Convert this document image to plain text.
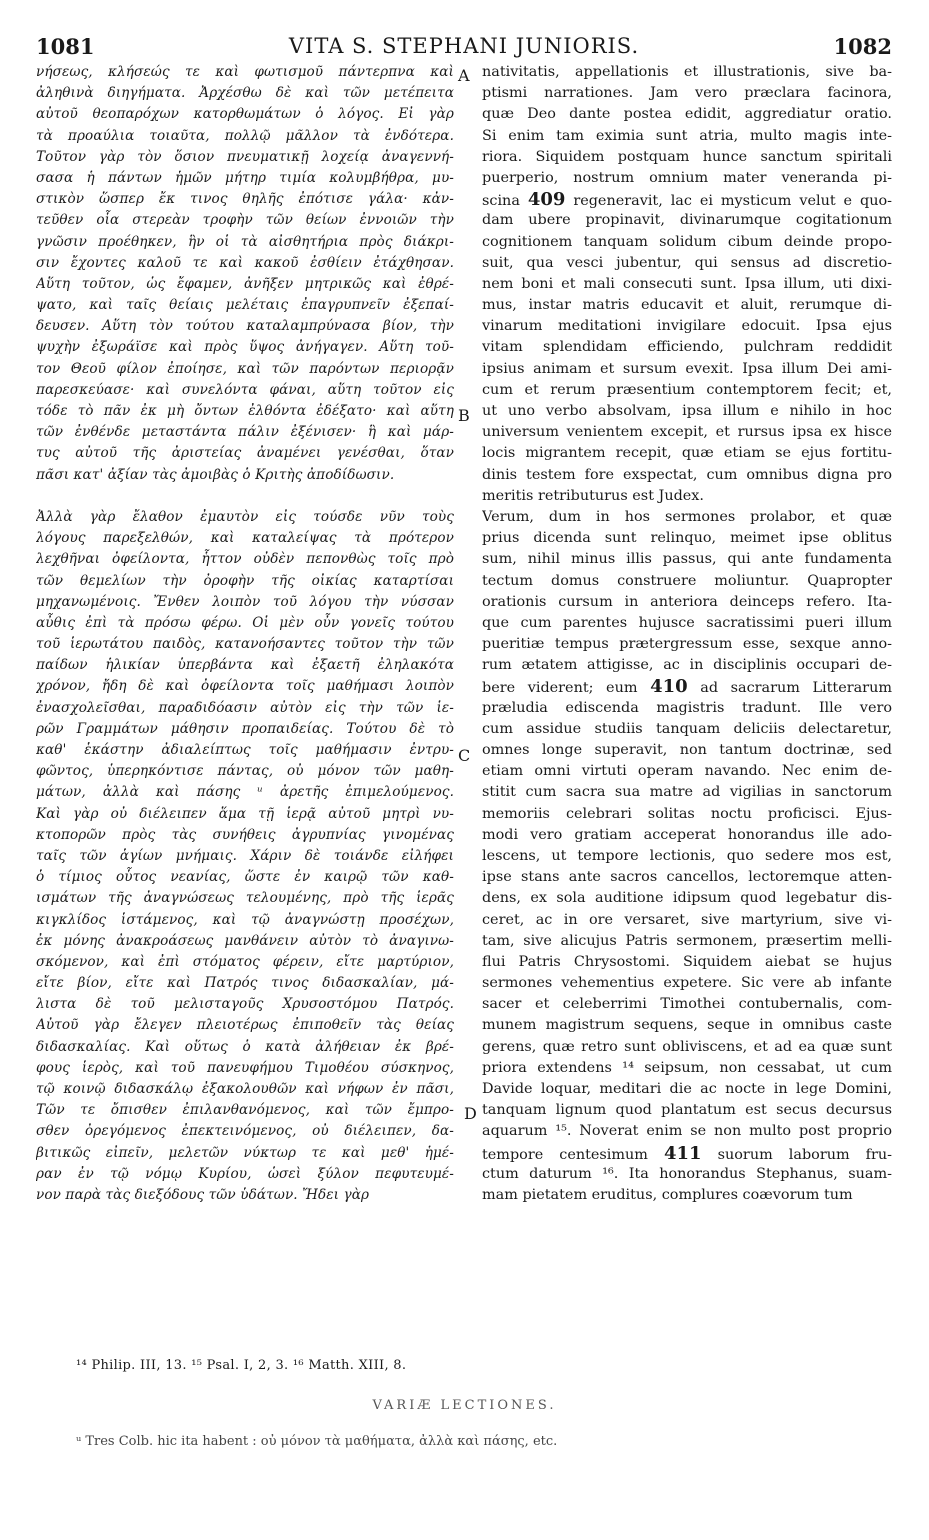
1081	VITA S. STEPHANI JUNIORIS.	1082
νήσεως, κλήσεώς τε καὶ φωτισμοῦ πάντερπνα καὶ
ἀληθινὰ διηγήματα. Ἀρχέσθω δὲ καὶ τῶν μετέπειτα
αὐτοῦ θεοπαρόχων κατορθωμάτων ὁ λόγος. Εἰ γὰρ
τὰ προαύλια τοιαῦτα, πολλῷ μᾶλλον τὰ ἐνδότερα.
Τοῦτον γὰρ τὸν ὅσιον πνευματικῇ λοχείᾳ ἀναγεννή-
σασα ἡ πάντων ἡμῶν μήτηρ τιμία κολυμβήθρα, μυ-
στικὸν ὥσπερ ἔκ τινος θηλῆς ἐπότισε γάλα· κἀν-
τεῦθεν οἷα στερεὰν τροφὴν τῶν θείων ἐννοιῶν τὴν
γνῶσιν προέθηκεν, ἣν οἱ τὰ αἰσθητήρια πρὸς διάκρι-
σιν ἔχοντες καλοῦ τε καὶ κακοῦ ἐσθίειν ἐτάχθησαν.
Αὕτη τοῦτον, ὡς ἔφαμεν, ἀνῆξεν μητρικῶς καὶ ἐθρέ-
ψατο, καὶ ταῖς θείαις μελέταις ἐπαγρυπνεῖν ἐξεπαί-
δευσεν. Αὕτη τὸν τούτου καταλαμπρύνασα βίον, τὴν
ψυχὴν ἐξωράϊσε καὶ πρὸς ὕψος ἀνήγαγεν. Αὕτη τοῦ-
τον Θεοῦ φίλον ἐποίησε, καὶ τῶν παρόντων περιορᾷν
παρεσκεύασε· καὶ συνελόντα φάναι, αὕτη τοῦτον εἰς
τόδε τὸ πᾶν ἐκ μὴ ὄντων ἐλθόντα ἐδέξατο· καὶ αὕτη
τῶν ἐνθένδε μεταστάντα πάλιν ἐξένισεν· ἣ καὶ μάρ-
τυς αὐτοῦ τῆς ἀριστείας ἀναμένει γενέσθαι, ὅταν
πᾶσι κατ' ἀξίαν τὰς ἀμοιβὰς ὁ Κριτὴς ἀποδίδωσιν.
Ἀλλὰ γὰρ ἔλαθον ἐμαυτὸν εἰς τούσδε νῦν τοὺς
λόγους παρεξελθών, καὶ καταλείψας τὰ πρότερον
λεχθῆναι ὀφείλοντα, ἧττον οὐδὲν πεπονθὼς τοῖς πρὸ
τῶν θεμελίων τὴν ὀροφὴν τῆς οἰκίας καταρτίσαι
μηχανωμένοις. Ἔνθεν λοιπὸν τοῦ λόγου τὴν νύσσαν
αὖθις ἐπὶ τὰ πρόσω φέρω. Οἱ μὲν οὖν γονεῖς τούτου
τοῦ ἱερωτάτου παιδὸς, κατανοήσαντες τοῦτον τὴν τῶν
παίδων ἡλικίαν ὑπερβάντα καὶ ἐξαετῆ ἐληλακότα
χρόνον, ἤδη δὲ καὶ ὀφείλοντα τοῖς μαθήμασι λοιπὸν
ἐνασχολεῖσθαι, παραδιδόασιν αὐτὸν εἰς τὴν τῶν ἱε-
ρῶν Γραμμάτων μάθησιν προπαιδείας. Τούτου δὲ τὸ
καθ' ἑκάστην ἀδιαλείπτως τοῖς μαθήμασιν ἐντρυ-
φῶντος, ὑπερηκόντισε πάντας, οὐ μόνον τῶν μαθη-
μάτων, ἀλλὰ καὶ πάσης ᵘ ἀρετῆς ἐπιμελούμενος.
Καὶ γὰρ οὐ διέλειπεν ἅμα τῇ ἱερᾷ αὐτοῦ μητρὶ νυ-
κτοπορῶν πρὸς τὰς συνήθεις ἀγρυπνίας γινομένας
ταῖς τῶν ἁγίων μνήμαις. Χάριν δὲ τοιάνδε εἰλήφει
ὁ τίμιος οὗτος νεανίας, ὥστε ἐν καιρῷ τῶν καθ-
ισμάτων τῆς ἀναγνώσεως τελουμένης, πρὸ τῆς ἱερᾶς
κιγκλίδος ἱστάμενος, καὶ τῷ ἀναγνώστῃ προσέχων,
ἐκ μόνης ἀνακροάσεως μανθάνειν αὐτὸν τὸ ἀναγινω-
σκόμενον, καὶ ἐπὶ στόματος φέρειν, εἴτε μαρτύριον,
εἴτε βίον, εἴτε καὶ Πατρός τινος διδασκαλίαν, μά-
λιστα δὲ τοῦ μελισταγοῦς Χρυσοστόμου Πατρός.
Αὐτοῦ γὰρ ἔλεγεν πλειοτέρως ἐπιποθεῖν τὰς θείας
διδασκαλίας. Καὶ οὕτως ὁ κατὰ ἀλήθειαν ἐκ βρέ-
φους ἱερὸς, καὶ τοῦ πανευφήμου Τιμοθέου σύσκηνος,
τῷ κοινῷ διδασκάλῳ ἐξακολουθῶν καὶ νήφων ἐν πᾶσι,
Τῶν τε ὄπισθεν ἐπιλανθανόμενος, καὶ τῶν ἔμπρο-
σθεν ὀρεγόμενος ἐπεκτεινόμενος, οὐ διέλειπεν, δα-
βιτικῶς εἰπεῖν, μελετῶν νύκτωρ τε καὶ μεθ' ἡμέ-
ραν ἐν τῷ νόμῳ Κυρίου, ὡσεὶ ξύλον πεφυτευμέ-
νον παρὰ τὰς διεξόδους τῶν ὑδάτων. Ἤδει γὰρ
nativitatis, appellationis et illustrationis, sive ba-
ptismi narrationes. Jam vero præclara facinora,
quæ Deo dante postea edidit, aggrediatur oratio.
Si enim tam eximia sunt atria, multo magis inte-
riora. Siquidem postquam hunce sanctum spiritali
puerperio, nostrum omnium mater veneranda pi-
scina 409 regeneravit, lac ei mysticum velut e quo-
dam ubere propinavit, divinarumque cogitationum
cognitionem tanquam solidum cibum deinde propo-
suit, qua vesci jubentur, qui sensus ad discretio-
nem boni et mali consecuti sunt. Ipsa illum, uti dixi-
mus, instar matris educavit et aluit, rerumque di-
vinarum meditationi invigilare edocuit. Ipsa ejus
vitam splendidam efficiendo, pulchram reddidit
ipsius animam et sursum evexit. Ipsa illum Dei ami-
cum et rerum præsentium contemptorem fecit; et,
ut uno verbo absolvam, ipsa illum e nihilo in hoc
universum venientem excepit, et rursus ipsa ex hisce
locis migrantem recepit, quæ etiam se ejus fortitu-
dinis testem fore exspectat, cum omnibus digna pro
meritis retributurus est Judex.
Verum, dum in hos sermones prolabor, et quæ
prius dicenda sunt relinquo, meimet ipse oblitus
sum, nihil minus illis passus, qui ante fundamenta
tectum domus construere moliuntur. Quapropter
orationis cursum in anteriora deinceps refero. Ita-
que cum parentes hujusce sacratissimi pueri illum
pueritiæ tempus prætergressum esse, sexque anno-
rum ætatem attigisse, ac in disciplinis occupari de-
bere viderent; eum 410 ad sacrarum Litterarum
præludia ediscenda magistris tradunt. Ille vero
cum assidue studiis tanquam deliciis delectaretur,
omnes longe superavit, non tantum doctrinæ, sed
etiam omni virtuti operam navando. Nec enim de-
stitit cum sacra sua matre ad vigilias in sanctorum
memoriis celebrari solitas noctu proficisci. Ejus-
modi vero gratiam acceperat honorandus ille ado-
lescens, ut tempore lectionis, quo sedere mos est,
ipse stans ante sacros cancellos, lectoremque atten-
dens, ex sola auditione idipsum quod legebatur dis-
ceret, ac in ore versaret, sive martyrium, sive vi-
tam, sive alicujus Patris sermonem, præsertim melli-
flui Patris Chrysostomi. Siquidem aiebat se hujus
sermones vehementius expetere. Sic vere ab infante
sacer et celeberrimi Timothei contubernalis, com-
munem magistrum sequens, seque in omnibus caste
gerens, quæ retro sunt obliviscens, et ad ea quæ sunt
priora extendens ¹⁴ seipsum, non cessabat, ut cum
Davide loquar, meditari die ac nocte in lege Domini,
tanquam lignum quod plantatum est secus decursus
aquarum ¹⁵. Noverat enim se non multo post proprio
tempore centesimum 411 suorum laborum fru-
ctum daturum ¹⁶. Ita honorandus Stephanus, suam-
mam pietatem eruditus, complures coævorum tum
A
B
C
D
¹⁴ Philip. III, 13. ¹⁵ Psal. I, 2, 3. ¹⁶ Matth. XIII, 8.
VARIÆ LECTIONES.
ᵘ Tres Colb. hic ita habent : οὐ μόνον τὰ μαθήματα, ἀλλὰ καὶ πάσης, etc.
